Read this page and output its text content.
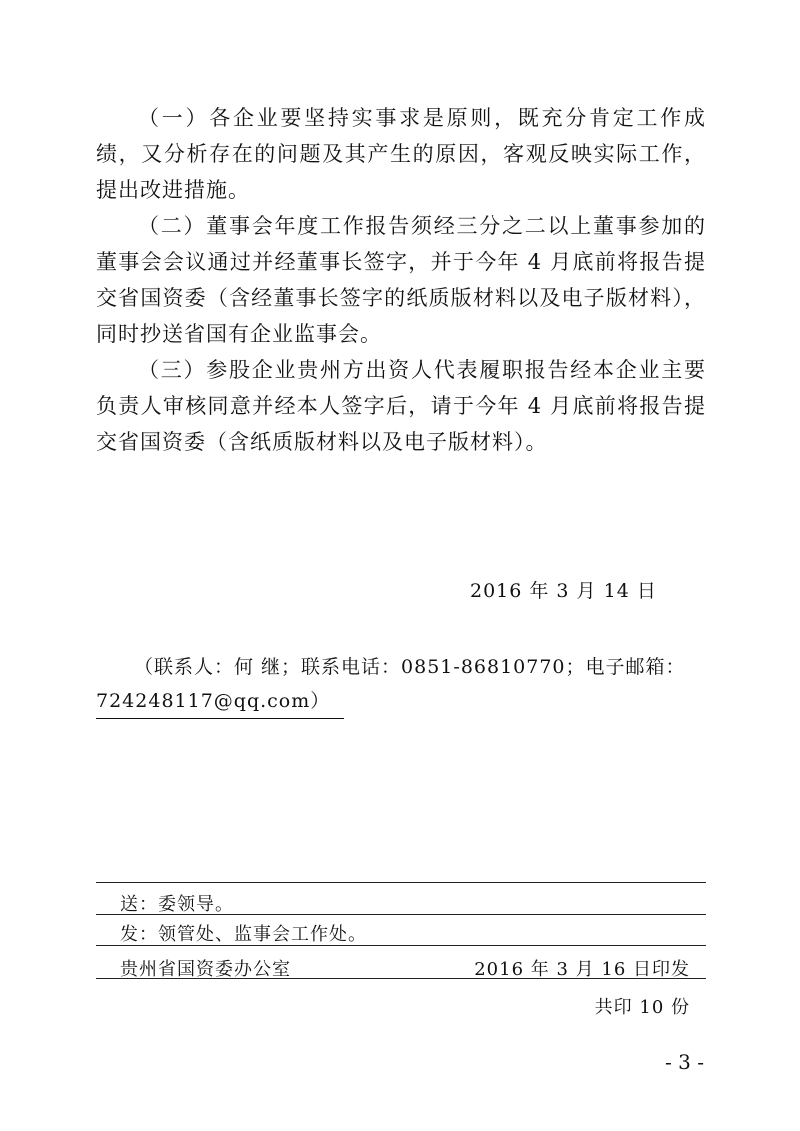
（一）各企业要坚持实事求是原则，既充分肯定工作成绩，又分析存在的问题及其产生的原因，客观反映实际工作，提出改进措施。

（二）董事会年度工作报告须经三分之二以上董事参加的董事会会议通过并经董事长签字，并于今年 4 月底前将报告提交省国资委（含经董事长签字的纸质版材料以及电子版材料），同时抄送省国有企业监事会。

（三）参股企业贵州方出资人代表履职报告经本企业主要负责人审核同意并经本人签字后，请于今年 4 月底前将报告提交省国资委（含纸质版材料以及电子版材料）。

2016 年 3 月 14 日
（联系人：何 继；联系电话：0851-86810770；电子邮箱：
724248117@qq.com）
送：委领导。
发：领管处、监事会工作处。
贵州省国资委办公室	2016 年 3 月 16 日印发
共印 10 份
- 3 -
